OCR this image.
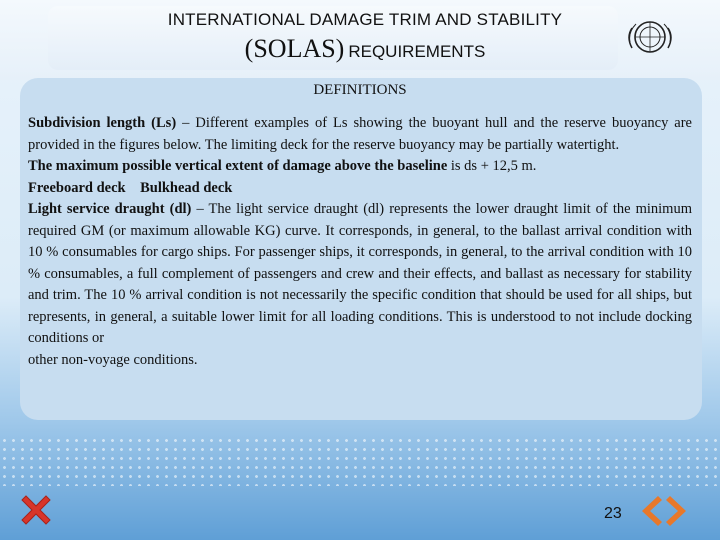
INTERNATIONAL DAMAGE TRIM AND STABILITY
(SOLAS) REQUIREMENTS
DEFINITIONS

Subdivision length (Ls) – Different examples of Ls showing the buoyant hull and the reserve buoyancy are provided in the figures below. The limiting deck for the reserve buoyancy may be partially watertight.

The maximum possible vertical extent of damage above the baseline is ds + 12,5 m.

Freeboard deck    Bulkhead deck

Light service draught (dl) – The light service draught (dl) represents the lower draught limit of the minimum required GM (or maximum allowable KG) curve. It corresponds, in general, to the ballast arrival condition with 10 % consumables for cargo ships. For passenger ships, it corresponds, in general, to the arrival condition with 10 % consumables, a full complement of passengers and crew and their effects, and ballast as necessary for stability and trim. The 10 % arrival condition is not necessarily the specific condition that should be used for all ships, but represents, in general, a suitable lower limit for all loading conditions. This is understood to not include docking conditions or

other non-voyage conditions.

23
